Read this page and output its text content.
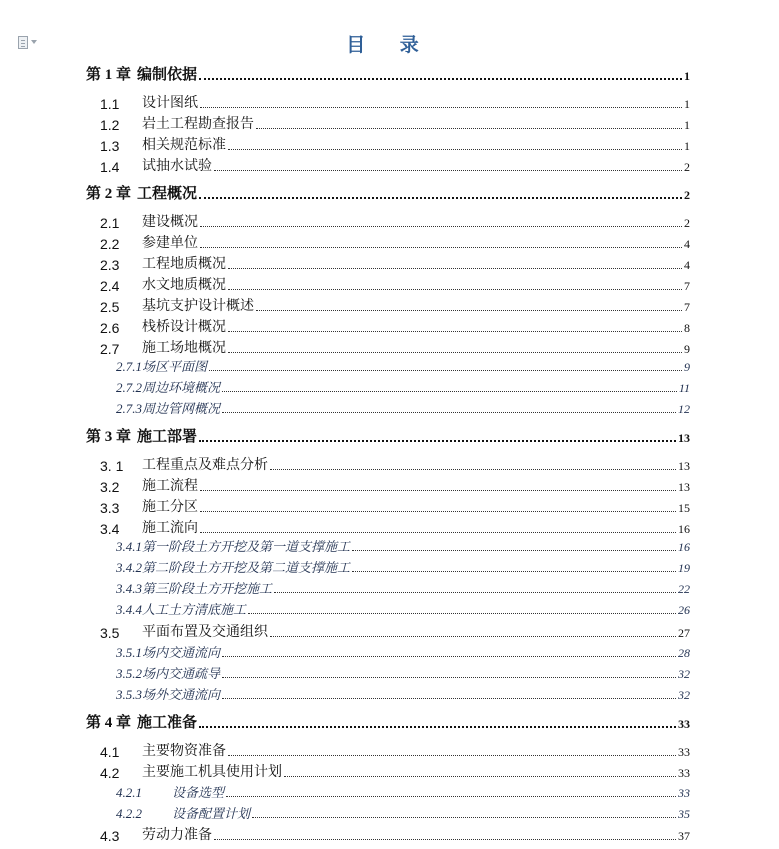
目 录
第 1 章 编制依据	1
1.1	设计图纸	1
1.2	岩土工程勘查报告	1
1.3	相关规范标准	1
1.4	试抽水试验	2
第 2 章 工程概况	2
2.1	建设概况	2
2.2	参建单位	4
2.3	工程地质概况	4
2.4	水文地质概况	7
2.5	基坑支护设计概述	7
2.6	栈桥设计概况	8
2.7	施工场地概况	9
2.7.1 场区平面图	9
2.7.2 周边环境概况	11
2.7.3 周边管网概况	12
第 3 章 施工部署	13
3. 1	工程重点及难点分析	13
3.2	施工流程	13
3.3	施工分区	15
3.4	施工流向	16
3.4.1 第一阶段土方开挖及第一道支撑施工	16
3.4.2 第二阶段土方开挖及第二道支撑施工	19
3.4.3 第三阶段土方开挖施工	22
3.4.4 人工土方清底施工	26
3.5	平面布置及交通组织	27
3.5.1 场内交通流向	28
3.5.2 场内交通疏导	32
3.5.3 场外交通流向	32
第 4 章 施工准备	33
4.1	主要物资准备	33
4.2	主要施工机具使用计划	33
4.2.1	设备选型	33
4.2.2	设备配置计划	35
4.3	劳动力准备	37
